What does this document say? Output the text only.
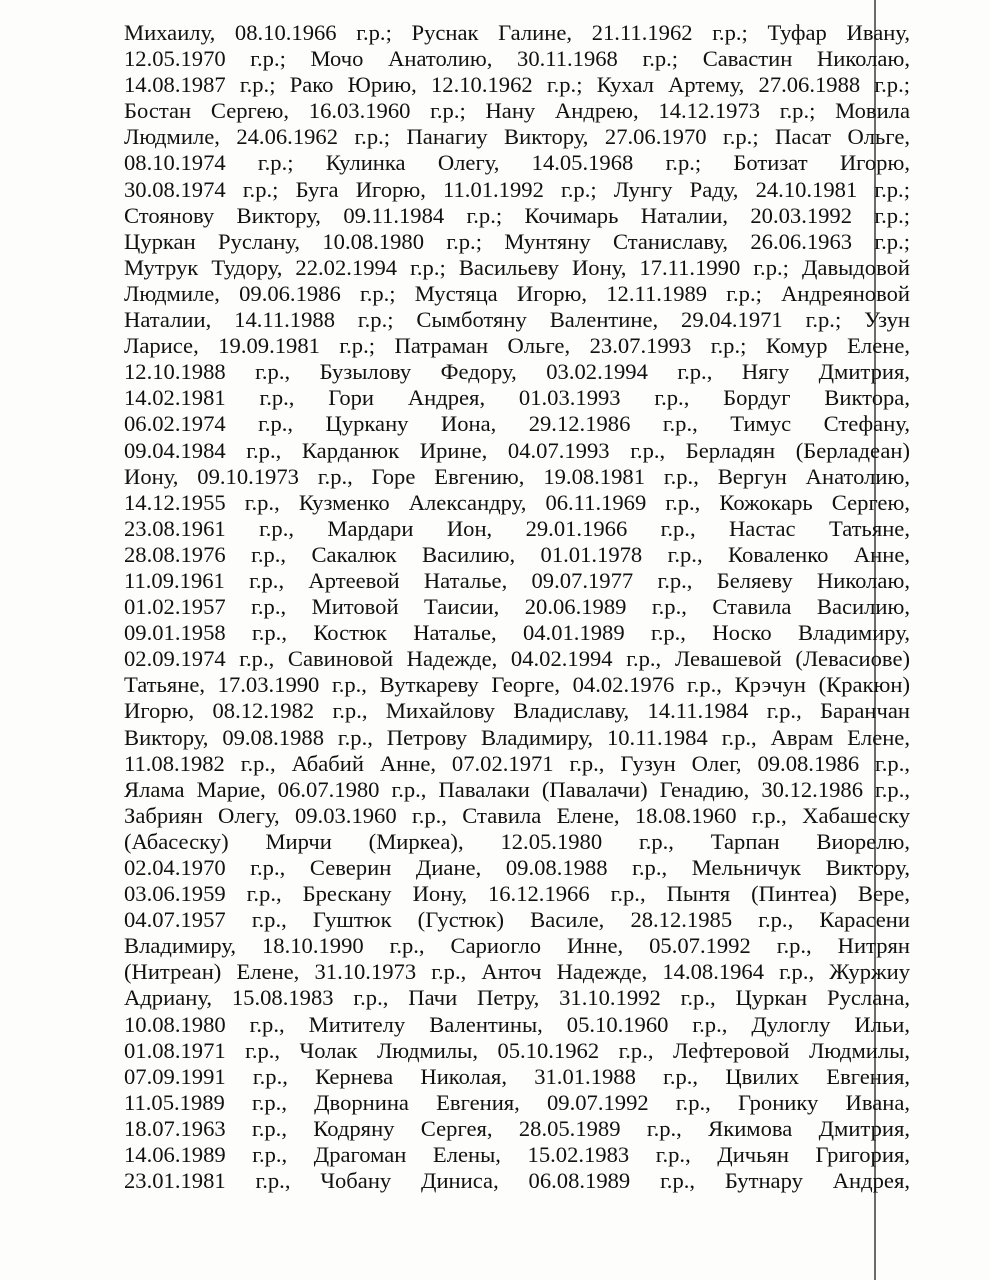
Михаилу, 08.10.1966 г.р.; Руснак Галине, 21.11.1962 г.р.; Туфар Ивану,
12.05.1970 г.р.; Мочо Анатолию, 30.11.1968 г.р.; Савастин Николаю,
14.08.1987 г.р.; Рако Юрию, 12.10.1962 г.р.; Кухал Артему, 27.06.1988 г.р.;
Бостан Сергею, 16.03.1960 г.р.; Нану Андрею, 14.12.1973 г.р.; Мовила
Людмиле, 24.06.1962 г.р.; Панагиу Виктору, 27.06.1970 г.р.; Пасат Ольге,
08.10.1974 г.р.; Кулинка Олегу, 14.05.1968 г.р.; Ботизат Игорю,
30.08.1974 г.р.; Буга Игорю, 11.01.1992 г.р.; Лунгу Раду, 24.10.1981 г.р.;
Стоянову Виктору, 09.11.1984 г.р.; Кочимарь Наталии, 20.03.1992 г.р.;
Цуркан Руслану, 10.08.1980 г.р.; Мунтяну Станиславу, 26.06.1963 г.р.;
Мутрук Тудору, 22.02.1994 г.р.; Васильеву Иону, 17.11.1990 г.р.; Давыдовой
Людмиле, 09.06.1986 г.р.; Мустяца Игорю, 12.11.1989 г.р.; Андреяновой
Наталии, 14.11.1988 г.р.; Сымботяну Валентине, 29.04.1971 г.р.; Узун
Ларисе, 19.09.1981 г.р.; Патраман Ольге, 23.07.1993 г.р.; Комур Елене,
12.10.1988 г.р., Бузылову Федору, 03.02.1994 г.р., Нягу Дмитрия,
14.02.1981 г.р., Гори Андрея, 01.03.1993 г.р., Бордуг Виктора,
06.02.1974 г.р., Цуркану Иона, 29.12.1986 г.р., Тимус Стефану,
09.04.1984 г.р., Карданюк Ирине, 04.07.1993 г.р., Берладян (Берладеан)
Иону, 09.10.1973 г.р., Горе Евгению, 19.08.1981 г.р., Вергун Анатолию,
14.12.1955 г.р., Кузменко Александру, 06.11.1969 г.р., Кожокарь Сергею,
23.08.1961 г.р., Мардари Ион, 29.01.1966 г.р., Настас Татьяне,
28.08.1976 г.р., Сакалюк Василию, 01.01.1978 г.р., Коваленко Анне,
11.09.1961 г.р., Артеевой Наталье, 09.07.1977 г.р., Беляеву Николаю,
01.02.1957 г.р., Митовой Таисии, 20.06.1989 г.р., Ставила Василию,
09.01.1958 г.р., Костюк Наталье, 04.01.1989 г.р., Носко Владимиру,
02.09.1974 г.р., Савиновой Надежде, 04.02.1994 г.р., Левашевой (Левасиове)
Татьяне, 17.03.1990 г.р., Вуткареву Георге, 04.02.1976 г.р., Крэчун (Кракюн)
Игорю, 08.12.1982 г.р., Михайлову Владиславу, 14.11.1984 г.р., Баранчан
Виктору, 09.08.1988 г.р., Петрову Владимиру, 10.11.1984 г.р., Аврам Елене,
11.08.1982 г.р., Абабий Анне, 07.02.1971 г.р., Гузун Олег, 09.08.1986 г.р.,
Ялама Марие, 06.07.1980 г.р., Павалаки (Павалачи) Генадию, 30.12.1986 г.р.,
Забриян Олегу, 09.03.1960 г.р., Ставила Елене, 18.08.1960 г.р., Хабашеску
(Абасеску) Мирчи (Миркеа), 12.05.1980 г.р., Тарпан Виорелю,
02.04.1970 г.р., Северин Диане, 09.08.1988 г.р., Мельничук Виктору,
03.06.1959 г.р., Брескану Иону, 16.12.1966 г.р., Пынтя (Пинтеа) Вере,
04.07.1957 г.р., Гуштюк (Густюк) Василе, 28.12.1985 г.р., Карасени
Владимиру, 18.10.1990 г.р., Сариогло Инне, 05.07.1992 г.р., Нитрян
(Нитреан) Елене, 31.10.1973 г.р., Анточ Надежде, 14.08.1964 г.р., Журжиу
Адриану, 15.08.1983 г.р., Пачи Петру, 31.10.1992 г.р., Цуркан Руслана,
10.08.1980 г.р., Митителу Валентины, 05.10.1960 г.р., Дулоглу Ильи,
01.08.1971 г.р., Чолак Людмилы, 05.10.1962 г.р., Лефтеровой Людмилы,
07.09.1991 г.р., Кернева Николая, 31.01.1988 г.р., Цвилих Евгения,
11.05.1989 г.р., Дворнина Евгения, 09.07.1992 г.р., Гронику Ивана,
18.07.1963 г.р., Кодряну Сергея, 28.05.1989 г.р., Якимова Дмитрия,
14.06.1989 г.р., Драгоман Елены, 15.02.1983 г.р., Дичьян Григория,
23.01.1981 г.р., Чобану Диниса, 06.08.1989 г.р., Бутнару Андрея,
